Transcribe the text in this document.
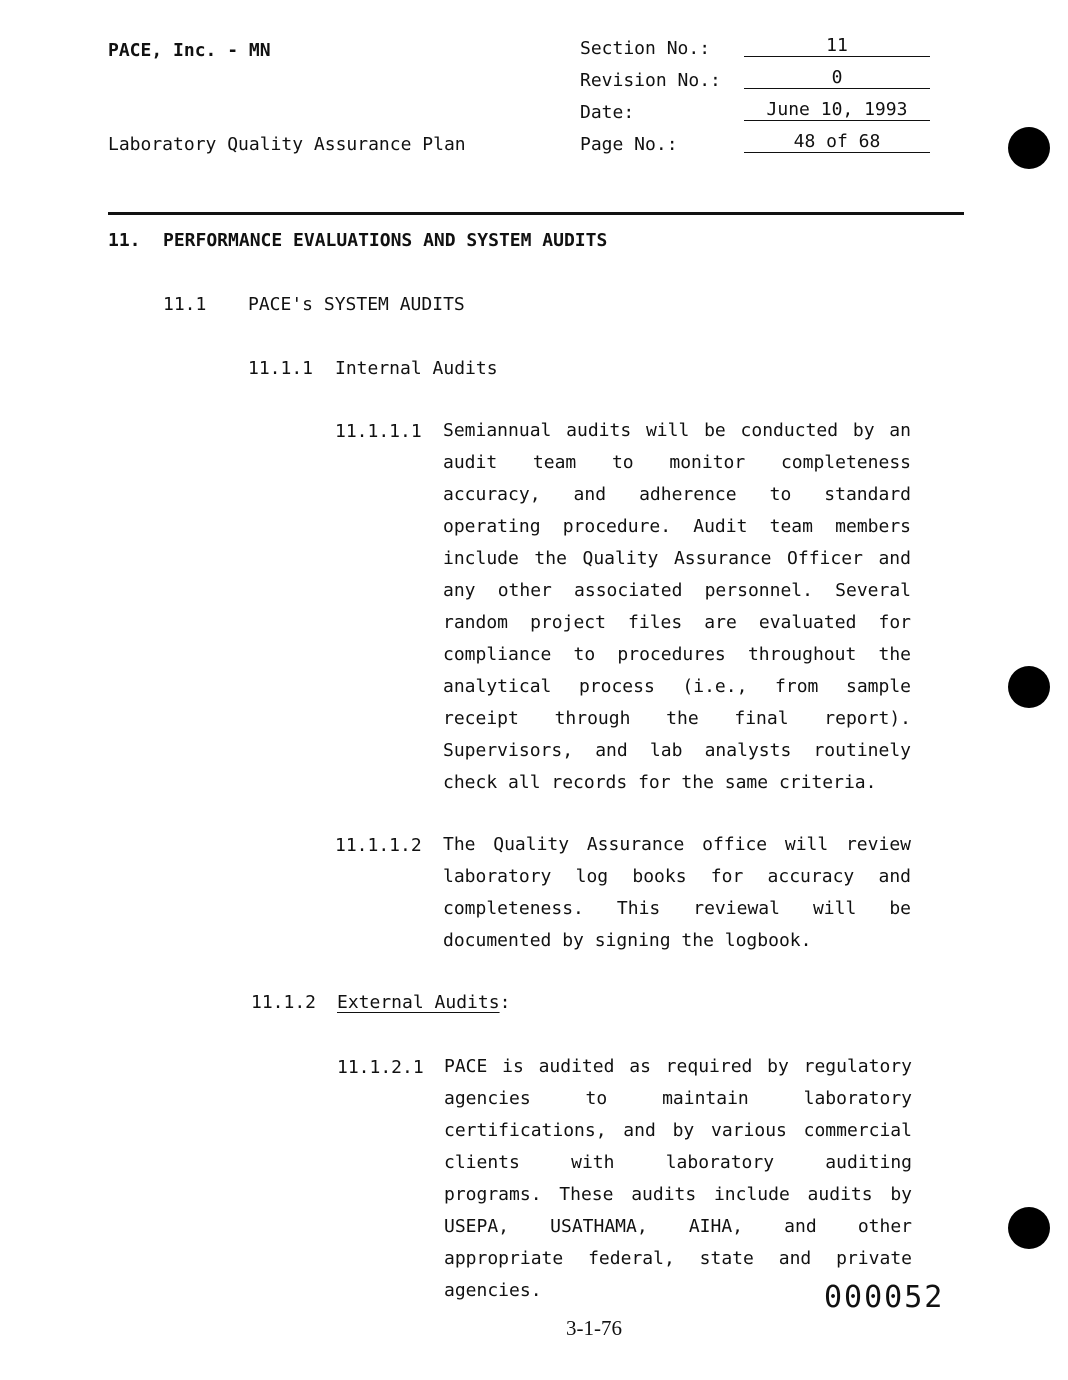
PACE, Inc. - MN
Laboratory Quality Assurance Plan
Section No.:	11
Revision No.:	0
Date:	June 10, 1993
Page No.:	48 of 68
11. PERFORMANCE EVALUATIONS AND SYSTEM AUDITS
11.1 PACE's SYSTEM AUDITS
11.1.1 Internal Audits
11.1.1.1 Semiannual audits will be conducted by an
audit team to monitor completeness
accuracy, and adherence to standard
operating procedure. Audit team members
include the Quality Assurance Officer and
any other associated personnel. Several
random project files are evaluated for
compliance to procedures throughout the
analytical process (i.e., from sample
receipt through the final report).
Supervisors, and lab analysts routinely
check all records for the same criteria.
11.1.1.2 The Quality Assurance office will review
laboratory log books for accuracy and
completeness. This reviewal will be
documented by signing the logbook.
11.1.2 External Audits:
11.1.2.1 PACE is audited as required by regulatory
agencies to maintain laboratory
certifications, and by various commercial
clients with laboratory auditing
programs. These audits include audits by
USEPA, USATHAMA, AIHA, and other
appropriate federal, state and private
agencies.	000052
3-1-76
